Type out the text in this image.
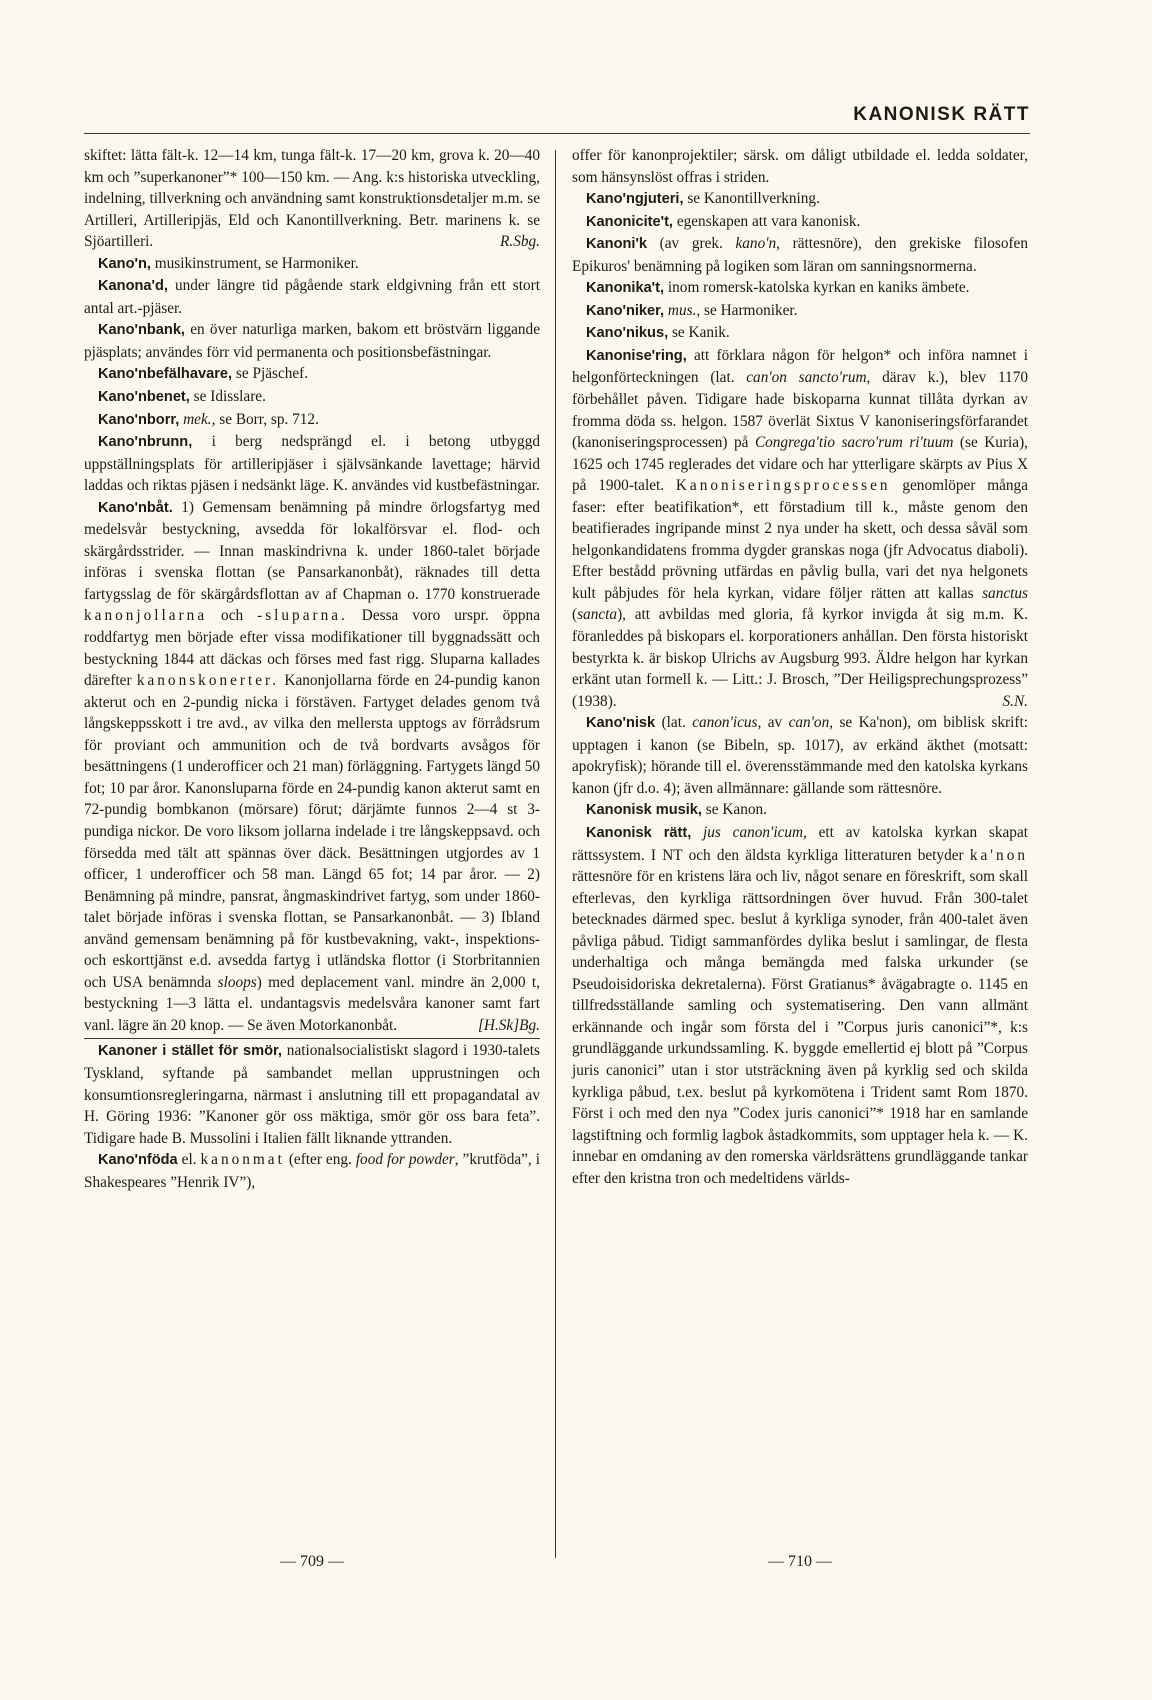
KANONISK RÄTT

skiftet: lätta fält-k. 12—14 km, tunga fält-k. 17—20 km, grova k. 20—40 km och ”superkanoner”* 100—150 km. — Ang. k:s historiska utveckling, indelning, tillverkning och användning samt konstruktionsdetaljer m.m. se Artilleri, Artilleripjäs, Eld och Kanontillverkning. Betr. marinens k. se Sjöartilleri.	R.Sbg.

Kano'n, musikinstrument, se Harmoniker.

Kanona'd, under längre tid pågående stark eldgivning från ett stort antal art.-pjäser.

Kano'nbank, en över naturliga marken, bakom ett bröstvärn liggande pjäsplats; användes förr vid permanenta och positionsbefästningar.

Kano'nbefälhavare, se Pjäschef.

Kano'nbenet, se Idisslare.

Kano'nborr, mek., se Borr, sp. 712.

Kano'nbrunn, i berg nedsprängd el. i betong utbyggd uppställningsplats för artilleripjäser i självsänkande lavettage; härvid laddas och riktas pjäsen i nedsänkt läge. K. användes vid kustbefästningar.

Kano'nbåt. 1) Gemensam benämning på mindre örlogsfartyg med medelsvår bestyckning, avsedda för lokalförsvar el. flod- och skärgårdsstrider. — Innan maskindrivna k. under 1860-talet började införas i svenska flottan (se Pansarkanonbåt), räknades till detta fartygsslag de för skärgårdsflottan av af Chapman o. 1770 konstruerade kanonjollarna och -sluparna. Dessa voro urspr. öppna roddfartyg men började efter vissa modifikationer till byggnadssätt och bestyckning 1844 att däckas och förses med fast rigg. Sluparna kallades därefter kanonskonerter. Kanonjollarna förde en 24-pundig kanon akterut och en 2-pundig nicka i förstäven. Fartyget delades genom två långskeppsskott i tre avd., av vilka den mellersta upptogs av förrådsrum för proviant och ammunition och de två bordvarts avsågos för besättningens (1 underofficer och 21 man) förläggning. Fartygets längd 50 fot; 10 par åror. Kanonsluparna förde en 24-pundig kanon akterut samt en 72-pundig bombkanon (mörsare) förut; därjämte funnos 2—4 st 3-pundiga nickor. De voro liksom jollarna indelade i tre långskeppsavd. och försedda med tält att spännas över däck. Besättningen utgjordes av 1 officer, 1 underofficer och 58 man. Längd 65 fot; 14 par åror. — 2) Benämning på mindre, pansrat, ångmaskindrivet fartyg, som under 1860-talet började införas i svenska flottan, se Pansarkanonbåt. — 3) Ibland använd gemensam benämning på för kustbevakning, vakt-, inspektions- och eskorttjänst e.d. avsedda fartyg i utländska flottor (i Storbritannien och USA benämnda sloops) med deplacement vanl. mindre än 2,000 t, bestyckning 1—3 lätta el. undantagsvis medelsvåra kanoner samt fart vanl. lägre än 20 knop. — Se även Motorkanonbåt.	[H.Sk]Bg.

Kanoner i stället för smör, nationalsocialistiskt slagord i 1930-talets Tyskland, syftande på sambandet mellan upprustningen och konsumtionsregleringarna, närmast i anslutning till ett propagandatal av H. Göring 1936: ”Kanoner gör oss mäktiga, smör gör oss bara feta”. Tidigare hade B. Mussolini i Italien fällt liknande yttranden.

Kano'nföda el. kanonmat (efter eng. food for powder, ”krutföda”, i Shakespeares ”Henrik IV”),

offer för kanonprojektiler; särsk. om dåligt utbildade el. ledda soldater, som hänsynslöst offras i striden.

Kano'ngjuteri, se Kanontillverkning.

Kanonicite't, egenskapen att vara kanonisk.

Kanoni'k (av grek. kano'n, rättesnöre), den grekiske filosofen Epikuros' benämning på logiken som läran om sanningsnormerna.

Kanonika't, inom romersk-katolska kyrkan en kaniks ämbete.

Kano'niker, mus., se Harmoniker.

Kano'nikus, se Kanik.

Kanonise'ring, att förklara någon för helgon* och införa namnet i helgonförteckningen (lat. can'on sancto'rum, därav k.), blev 1170 förbehållet påven. Tidigare hade biskoparna kunnat tillåta dyrkan av fromma döda ss. helgon. 1587 överlät Sixtus V kanoniseringsförfarandet (kanoniseringsprocessen) på Congrega'tio sacro'rum ri'tuum (se Kuria), 1625 och 1745 reglerades det vidare och har ytterligare skärpts av Pius X på 1900-talet. Kanoniseringsprocessen genomlöper många faser: efter beatifikation*, ett förstadium till k., måste genom den beatifierades ingripande minst 2 nya under ha skett, och dessa såväl som helgonkandidatens fromma dygder granskas noga (jfr Advocatus diaboli). Efter bestådd prövning utfärdas en påvlig bulla, vari det nya helgonets kult påbjudes för hela kyrkan, vidare följer rätten att kallas sanctus (sancta), att avbildas med gloria, få kyrkor invigda åt sig m.m. K. föranleddes på biskopars el. korporationers anhållan. Den första historiskt bestyrkta k. är biskop Ulrichs av Augsburg 993. Äldre helgon har kyrkan erkänt utan formell k. — Litt.: J. Brosch, ”Der Heiligsprechungsprozess” (1938).	S.N.

Kano'nisk (lat. canon'icus, av can'on, se Ka'non), om biblisk skrift: upptagen i kanon (se Bibeln, sp. 1017), av erkänd äkthet (motsatt: apokryfisk); hörande till el. överensstämmande med den katolska kyrkans kanon (jfr d.o. 4); även allmännare: gällande som rättesnöre.

Kanonisk musik, se Kanon.

Kanonisk rätt, jus canon'icum, ett av katolska kyrkan skapat rättssystem. I NT och den äldsta kyrkliga litteraturen betyder ka'non rättesnöre för en kristens lära och liv, något senare en föreskrift, som skall efterlevas, den kyrkliga rättsordningen över huvud. Från 300-talet betecknades därmed spec. beslut å kyrkliga synoder, från 400-talet även påvliga påbud. Tidigt sammanfördes dylika beslut i samlingar, de flesta underhaltiga och många bemängda med falska urkunder (se Pseudoisidoriska dekretalerna). Först Gratianus* åvägabragte o. 1145 en tillfredsställande samling och systematisering. Den vann allmänt erkännande och ingår som första del i ”Corpus juris canonici”*, k:s grundläggande urkundssamling. K. byggde emellertid ej blott på ”Corpus juris canonici” utan i stor utsträckning även på kyrklig sed och skilda kyrkliga påbud, t.ex. beslut på kyrkomötena i Trident samt Rom 1870. Först i och med den nya ”Codex juris canonici”* 1918 har en samlande lagstiftning och formlig lagbok åstadkommits, som upptager hela k. — K. innebar en omdaning av den romerska världsrättens grundläggande tankar efter den kristna tron och medeltidens världs-

— 709 —	— 710 —
